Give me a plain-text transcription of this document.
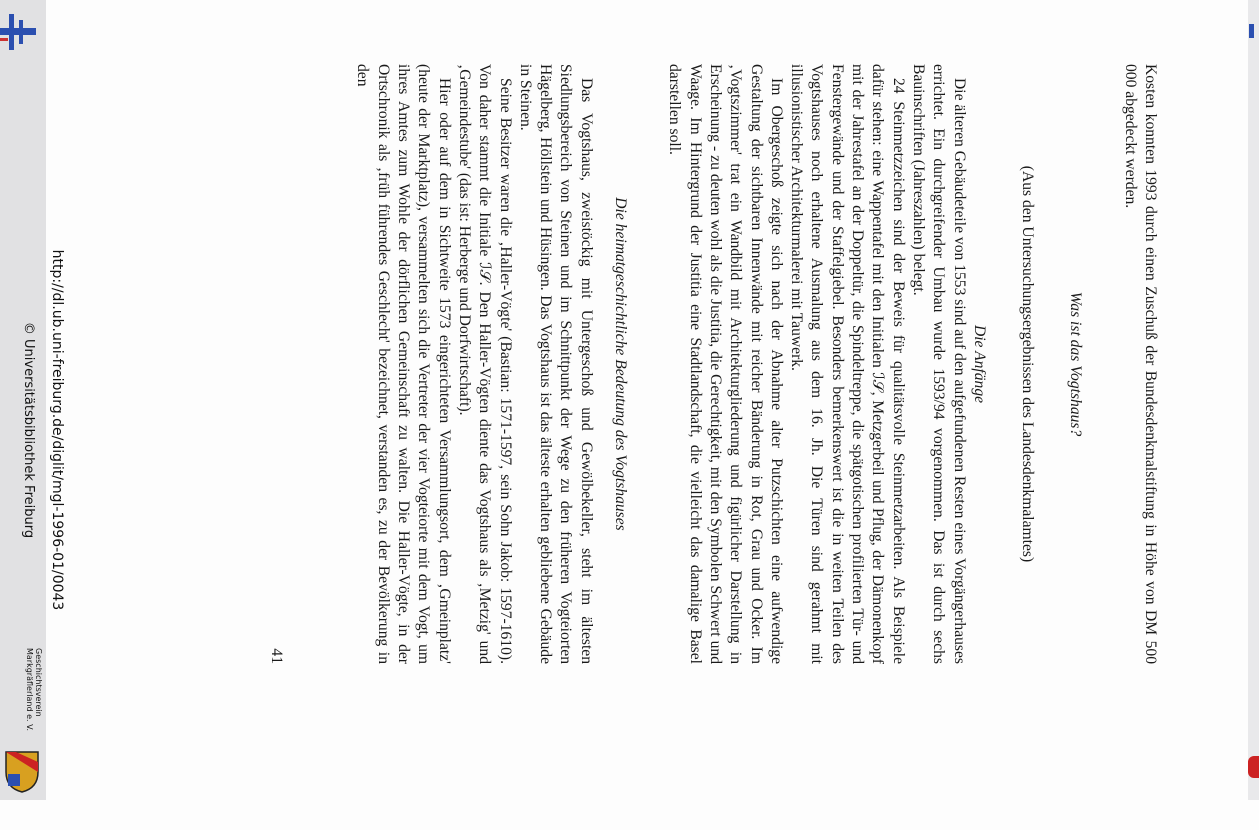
http://dl.ub.uni-freiburg.de/diglit/mgl-1996-01/0043
© Universitätsbibliothek Freiburg
Geschichtsverein
Markgräflerland e. V.

Kosten konnten 1993 durch einen Zuschuß der Bundesdenkmalstiftung in Höhe von DM 500 000 abgedeckt werden.

Was ist das Vogtshaus?

(Aus den Untersuchungsergebnissen des Landesdenkmalamtes)

Die Anfänge

Die älteren Gebäudeteile von 1553 sind auf den aufgefundenen Resten eines Vorgängerhauses errichtet. Ein durchgreifender Umbau wurde 1593/94 vorgenommen. Das ist durch sechs Bauinschriften (Jahreszahlen) belegt.

24 Steinmetzzeichen sind der Beweis für qualitätsvolle Steinmetzarbeiten. Als Beispiele dafür stehen: eine Wappentafel mit den Initialen ℐ𝒮, Metzgerbeil und Pflug, der Dämonenkopf mit der Jahrestafel an der Doppeltür, die Spindeltreppe, die spätgotischen profilierten Tür- und Fenstergewände und der Staffelgiebel. Besonders bemerkenswert ist die in weiten Teilen des Vogtshauses noch erhaltene Ausmalung aus dem 16. Jh. Die Türen sind gerahmt mit illusionistischer Architekturmalerei mit Tauwerk.

Im Obergeschoß zeigte sich nach der Abnahme alter Putzschichten eine aufwendige Gestaltung der sichtbaren Innenwände mit reicher Bänderung in Rot, Grau und Ocker. Im ‚Vogtszimmer' trat ein Wandbild mit Architekturgliederung und figürlicher Darstellung in Erscheinung - zu deuten wohl als die Justitia, die Gerechtigkeit, mit den Symbolen Schwert und Waage. Im Hintergrund der Justitia eine Stadtlandschaft, die vielleicht das damalige Basel darstellen soll.

Die heimatgeschichtliche Bedeutung des Vogtshauses

Das Vogtshaus, zweistöckig mit Untergeschoß und Gewölbekeller, steht im ältesten Siedlungsbereich von Steinen und im Schnittpunkt der Wege zu den früheren Vogteiorten Hägelberg, Höllstein und Hüsingen. Das Vogtshaus ist das älteste erhalten gebliebene Gebäude in Steinen.

Seine Besitzer waren die ‚Haller-Vögte' (Bastian: 1571-1597, sein Sohn Jakob: 1597-1610). Von daher stammt die Initiale ℐ𝒮. Den Haller-Vögten diente das Vogtshaus als ‚Metzig' und ‚Gemeindestube' (das ist: Herberge und Dorfwirtschaft).

Hier oder auf dem in Sichtweite 1573 eingerichteten Versammlungsort, dem ‚Gmeinplatz' (heute der Marktplatz), versammelten sich die Vertreter der vier Vogteiorte mit dem Vogt, um ihres Amtes zum Wohle der dörflichen Gemeinschaft zu walten. Die Haller-Vögte, in der Ortschronik als ‚früh führendes Geschlecht' bezeichnet, verstanden es, zu der Bevölkerung in den

41
